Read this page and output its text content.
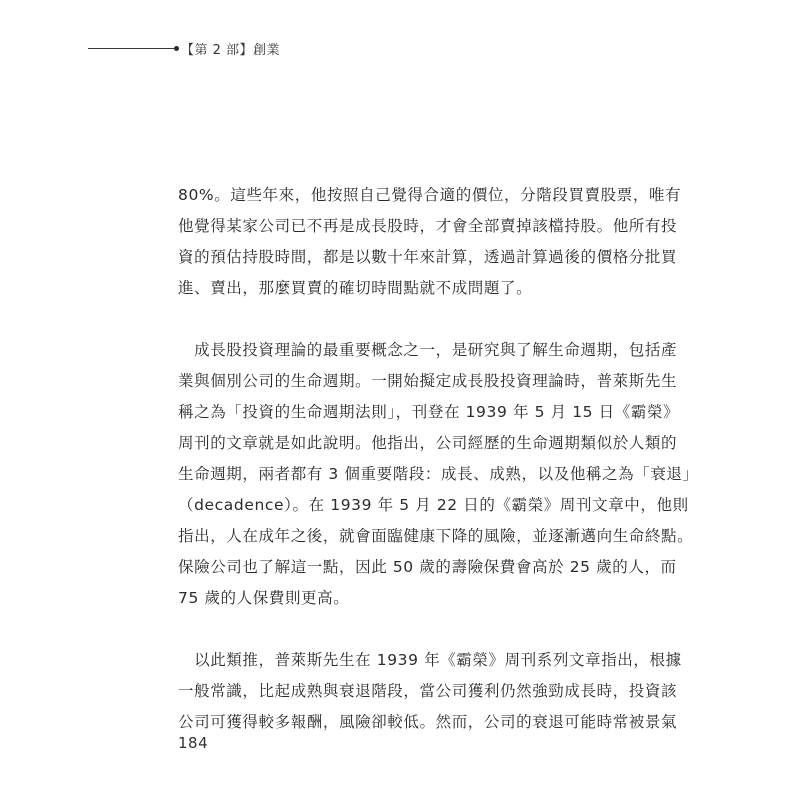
【第 2 部】創業
80%。這些年來，他按照自己覺得合適的價位，分階段買賣股票，唯有
他覺得某家公司已不再是成長股時，才會全部賣掉該檔持股。他所有投
資的預估持股時間，都是以數十年來計算，透過計算過後的價格分批買
進、賣出，那麼買賣的確切時間點就不成問題了。
　成長股投資理論的最重要概念之一，是研究與了解生命週期，包括產
業與個別公司的生命週期。一開始擬定成長股投資理論時，普萊斯先生
稱之為「投資的生命週期法則」，刊登在 1939 年 5 月 15 日《霸榮》
周刊的文章就是如此說明。他指出，公司經歷的生命週期類似於人類的
生命週期，兩者都有 3 個重要階段：成長、成熟，以及他稱之為「衰退」
（decadence）。在 1939 年 5 月 22 日的《霸榮》周刊文章中，他則
指出，人在成年之後，就會面臨健康下降的風險，並逐漸邁向生命終點。
保險公司也了解這一點，因此 50 歲的壽險保費會高於 25 歲的人，而
75 歲的人保費則更高。
　以此類推，普萊斯先生在 1939 年《霸榮》周刊系列文章指出，根據
一般常識，比起成熟與衰退階段，當公司獲利仍然強勁成長時，投資該
公司可獲得較多報酬，風險卻較低。然而，公司的衰退可能時常被景氣
184
